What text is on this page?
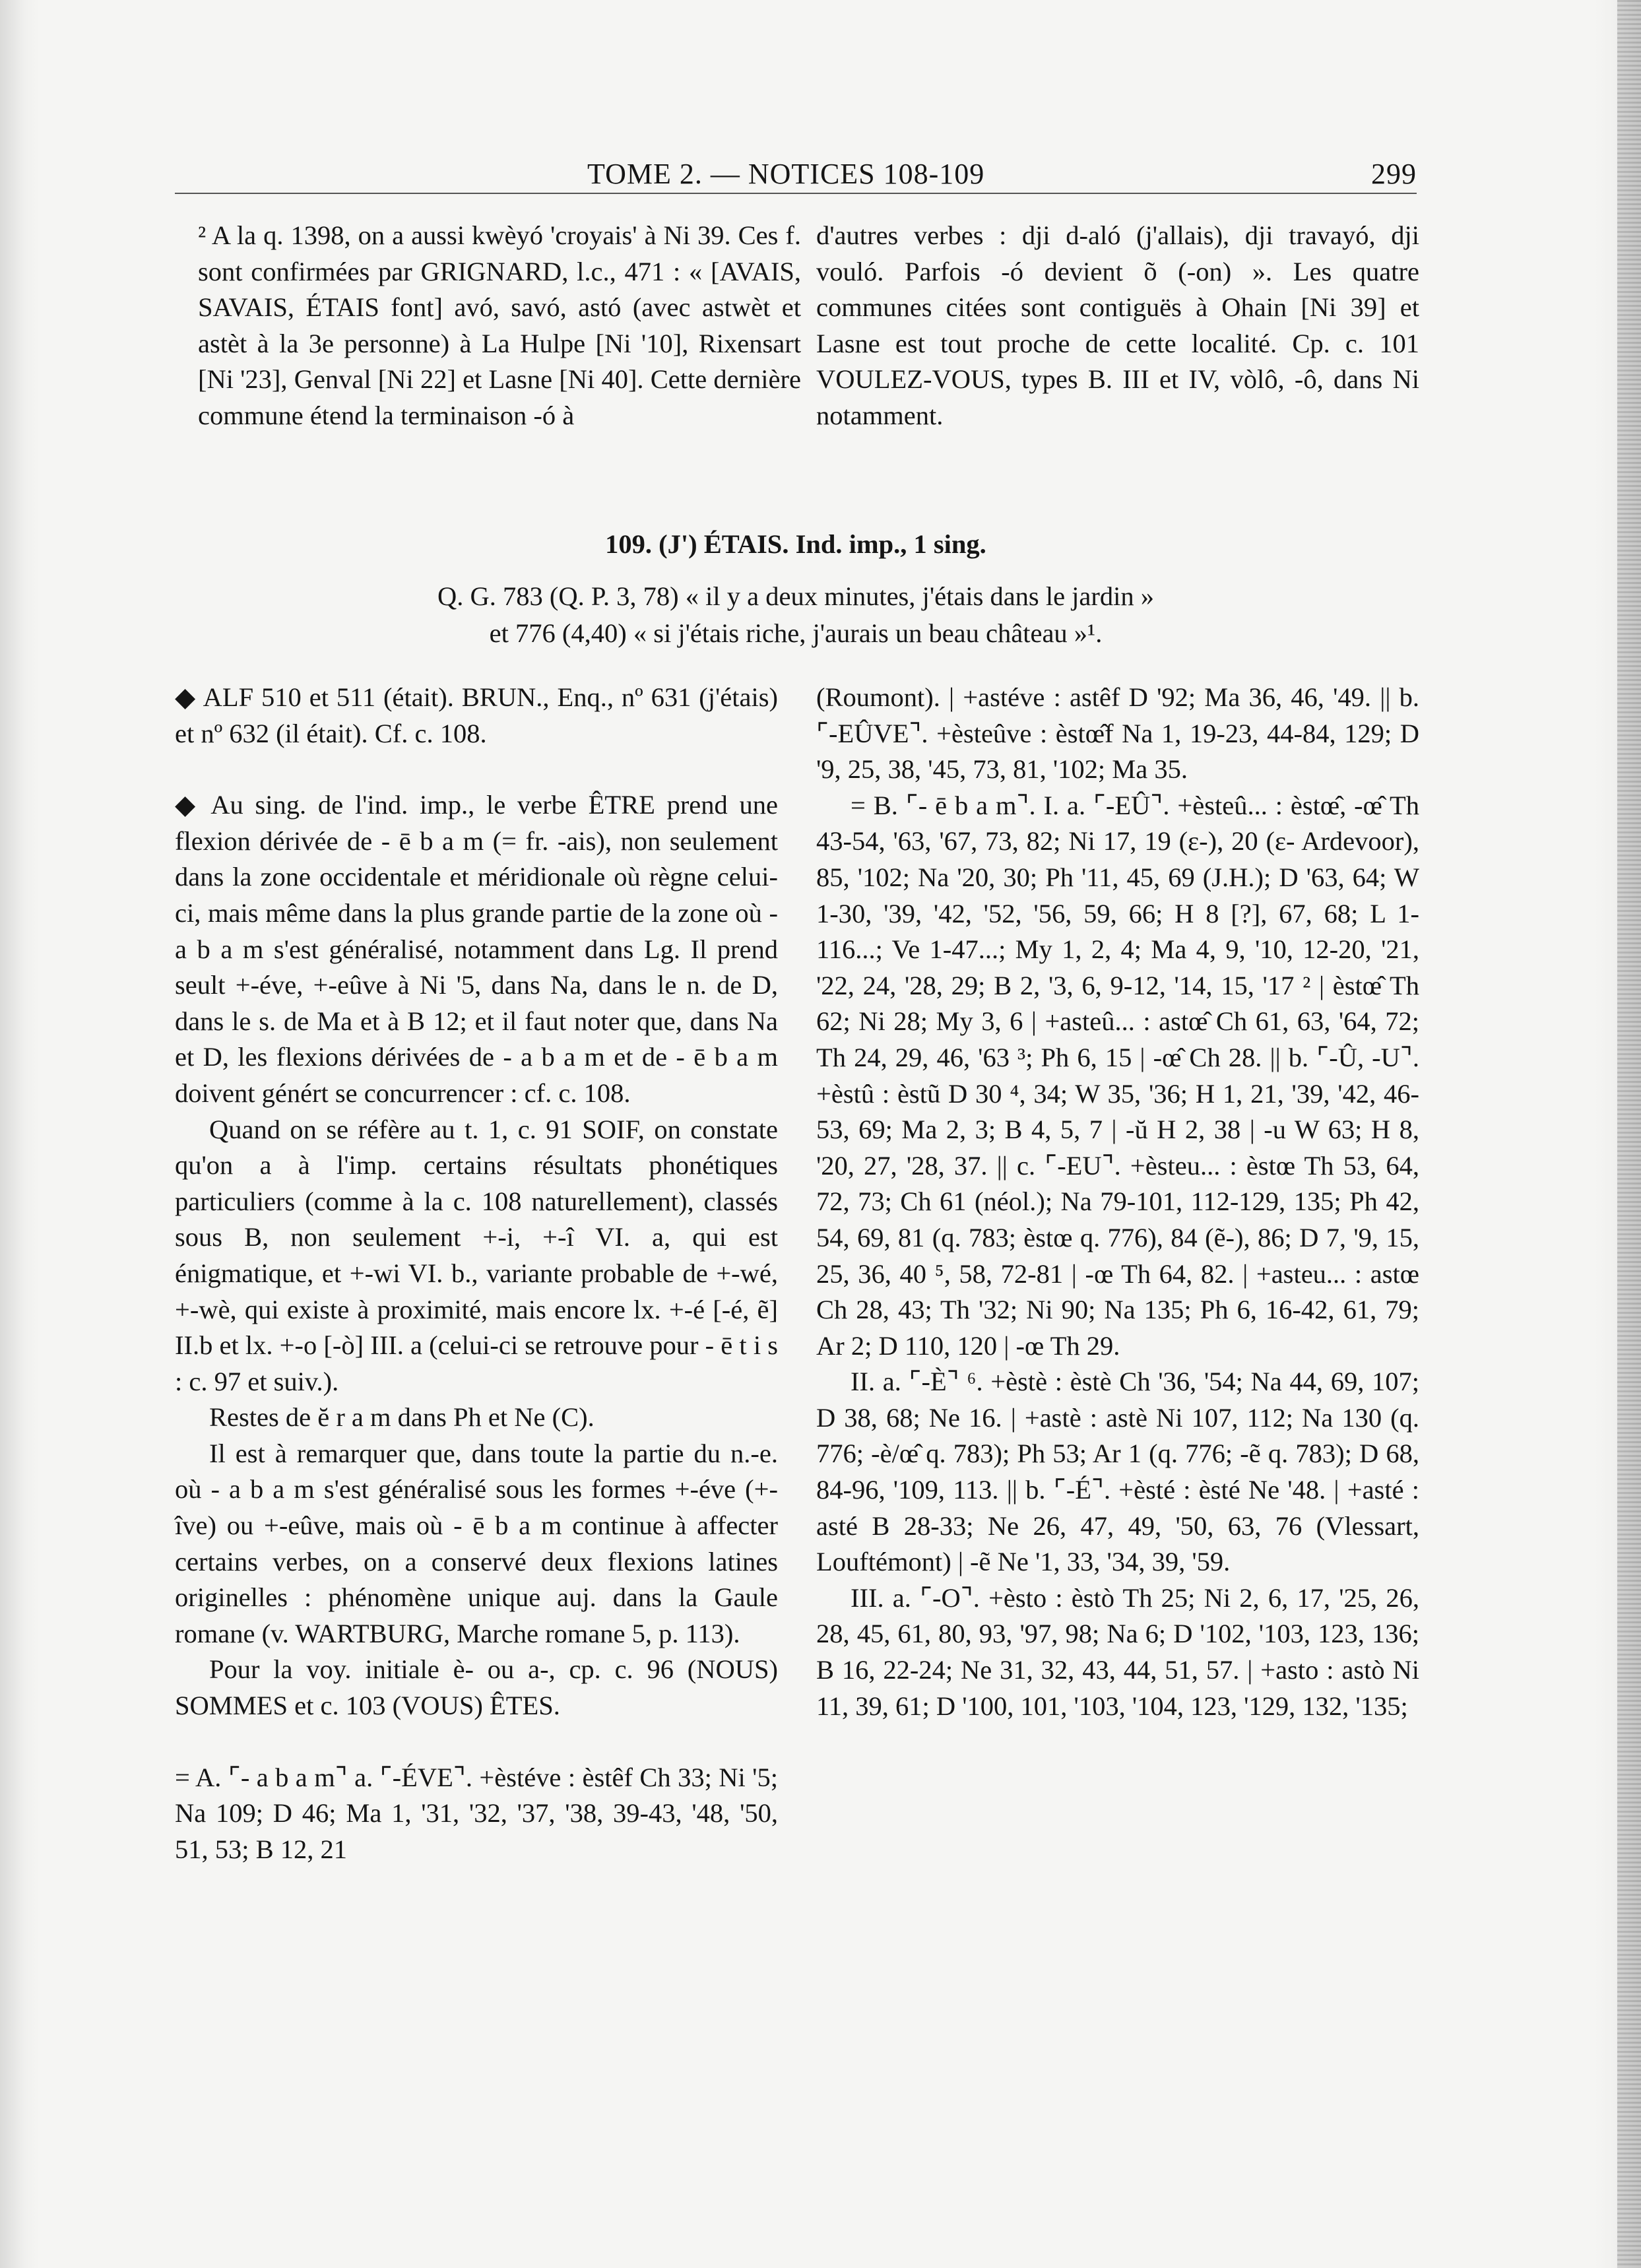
TOME 2. — NOTICES 108-109	299

² A la q. 1398, on a aussi kwèyó 'croyais' à Ni 39. Ces f. sont confirmées par GRIGNARD, l.c., 471 : « [AVAIS, SAVAIS, ÉTAIS font] avó, savó, astó (avec astwèt et astèt à la 3e personne) à La Hulpe [Ni '10], Rixensart [Ni '23], Genval [Ni 22] et Lasne [Ni 40]. Cette dernière commune étend la terminaison -ó à

d'autres verbes : dji d-aló (j'allais), dji travayó, dji vouló. Parfois -ó devient õ (-on) ». Les quatre communes citées sont contiguës à Ohain [Ni 39] et Lasne est tout proche de cette localité. Cp. c. 101 VOULEZ-VOUS, types B. III et IV, vòlô, -ô, dans Ni notamment.

109. (J') ÉTAIS. Ind. imp., 1 sing.
Q. G. 783 (Q. P. 3, 78) « il y a deux minutes, j'étais dans le jardin »
et 776 (4,40) « si j'étais riche, j'aurais un beau château »¹.

◆ ALF 510 et 511 (était). BRUN., Enq., nº 631 (j'étais) et nº 632 (il était). Cf. c. 108.

◆ Au sing. de l'ind. imp., le verbe ÊTRE prend une flexion dérivée de - ē b a m (= fr. -ais), non seulement dans la zone occidentale et méridionale où règne celui-ci, mais même dans la plus grande partie de la zone où - a b a m s'est généralisé, notamment dans Lg. Il prend seult +-éve, +-eûve à Ni '5, dans Na, dans le n. de D, dans le s. de Ma et à B 12; et il faut noter que, dans Na et D, les flexions dérivées de - a b a m et de - ē b a m doivent génért se concurrencer : cf. c. 108.

Quand on se réfère au t. 1, c. 91 SOIF, on constate qu'on a à l'imp. certains résultats phonétiques particuliers (comme à la c. 108 naturellement), classés sous B, non seulement +-i, +-î VI. a, qui est énigmatique, et +-wi VI. b., variante probable de +-wé, +-wè, qui existe à proximité, mais encore lx. +-é [-é, ẽ] II.b et lx. +-o [-ò] III. a (celui-ci se retrouve pour - ē t i s : c. 97 et suiv.).

Restes de ĕ r a m dans Ph et Ne (C).

Il est à remarquer que, dans toute la partie du n.-e. où - a b a m s'est généralisé sous les formes +-éve (+-îve) ou +-eûve, mais où - ē b a m continue à affecter certains verbes, on a conservé deux flexions latines originelles : phénomène unique auj. dans la Gaule romane (v. WARTBURG, Marche romane 5, p. 113).

Pour la voy. initiale è- ou a-, cp. c. 96 (NOUS) SOMMES et c. 103 (VOUS) ÊTES.

= A. ⌜- a b a m⌝ a. ⌜-ÉVE⌝. +èstéve : èstêf Ch 33; Ni '5; Na 109; D 46; Ma 1, '31, '32, '37, '38, 39-43, '48, '50, 51, 53; B 12, 21

(Roumont). | +astéve : astêf D '92; Ma 36, 46, '49. || b. ⌜-EÛVE⌝. +èsteûve : èstœ̂f Na 1, 19-23, 44-84, 129; D '9, 25, 38, '45, 73, 81, '102; Ma 35.

= B. ⌜- ē b a m⌝. I. a. ⌜-EÛ⌝. +èsteû... : èstœ̂, -œ̂ Th 43-54, '63, '67, 73, 82; Ni 17, 19 (ɛ-), 20 (ɛ- Ardevoor), 85, '102; Na '20, 30; Ph '11, 45, 69 (J.H.); D '63, 64; W 1-30, '39, '42, '52, '56, 59, 66; H 8 [?], 67, 68; L 1-116...; Ve 1-47...; My 1, 2, 4; Ma 4, 9, '10, 12-20, '21, '22, 24, '28, 29; B 2, '3, 6, 9-12, '14, 15, '17 ² | èstœ̂ Th 62; Ni 28; My 3, 6 | +asteû... : astœ̂ Ch 61, 63, '64, 72; Th 24, 29, 46, '63 ³; Ph 6, 15 | -œ̂ Ch 28. || b. ⌜-Û, -U⌝. +èstû : èstũ D 30 ⁴, 34; W 35, '36; H 1, 21, '39, '42, 46-53, 69; Ma 2, 3; B 4, 5, 7 | -ŭ H 2, 38 | -u W 63; H 8, '20, 27, '28, 37. || c. ⌜-EU⌝. +èsteu... : èstœ Th 53, 64, 72, 73; Ch 61 (néol.); Na 79-101, 112-129, 135; Ph 42, 54, 69, 81 (q. 783; èstœ q. 776), 84 (ẽ-), 86; D 7, '9, 15, 25, 36, 40 ⁵, 58, 72-81 | -œ Th 64, 82. | +asteu... : astœ Ch 28, 43; Th '32; Ni 90; Na 135; Ph 6, 16-42, 61, 79; Ar 2; D 110, 120 | -œ Th 29.

II. a. ⌜-È⌝ ⁶. +èstè : èstè Ch '36, '54; Na 44, 69, 107; D 38, 68; Ne 16. | +astè : astè Ni 107, 112; Na 130 (q. 776; -è/œ̂ q. 783); Ph 53; Ar 1 (q. 776; -ẽ q. 783); D 68, 84-96, '109, 113. || b. ⌜-É⌝. +èsté : èsté Ne '48. | +asté : asté B 28-33; Ne 26, 47, 49, '50, 63, 76 (Vlessart, Louftémont) | -ẽ Ne '1, 33, '34, 39, '59.

III. a. ⌜-O⌝. +èsto : èstò Th 25; Ni 2, 6, 17, '25, 26, 28, 45, 61, 80, 93, '97, 98; Na 6; D '102, '103, 123, 136; B 16, 22-24; Ne 31, 32, 43, 44, 51, 57. | +asto : astò Ni 11, 39, 61; D '100, 101, '103, '104, 123, '129, 132, '135;
